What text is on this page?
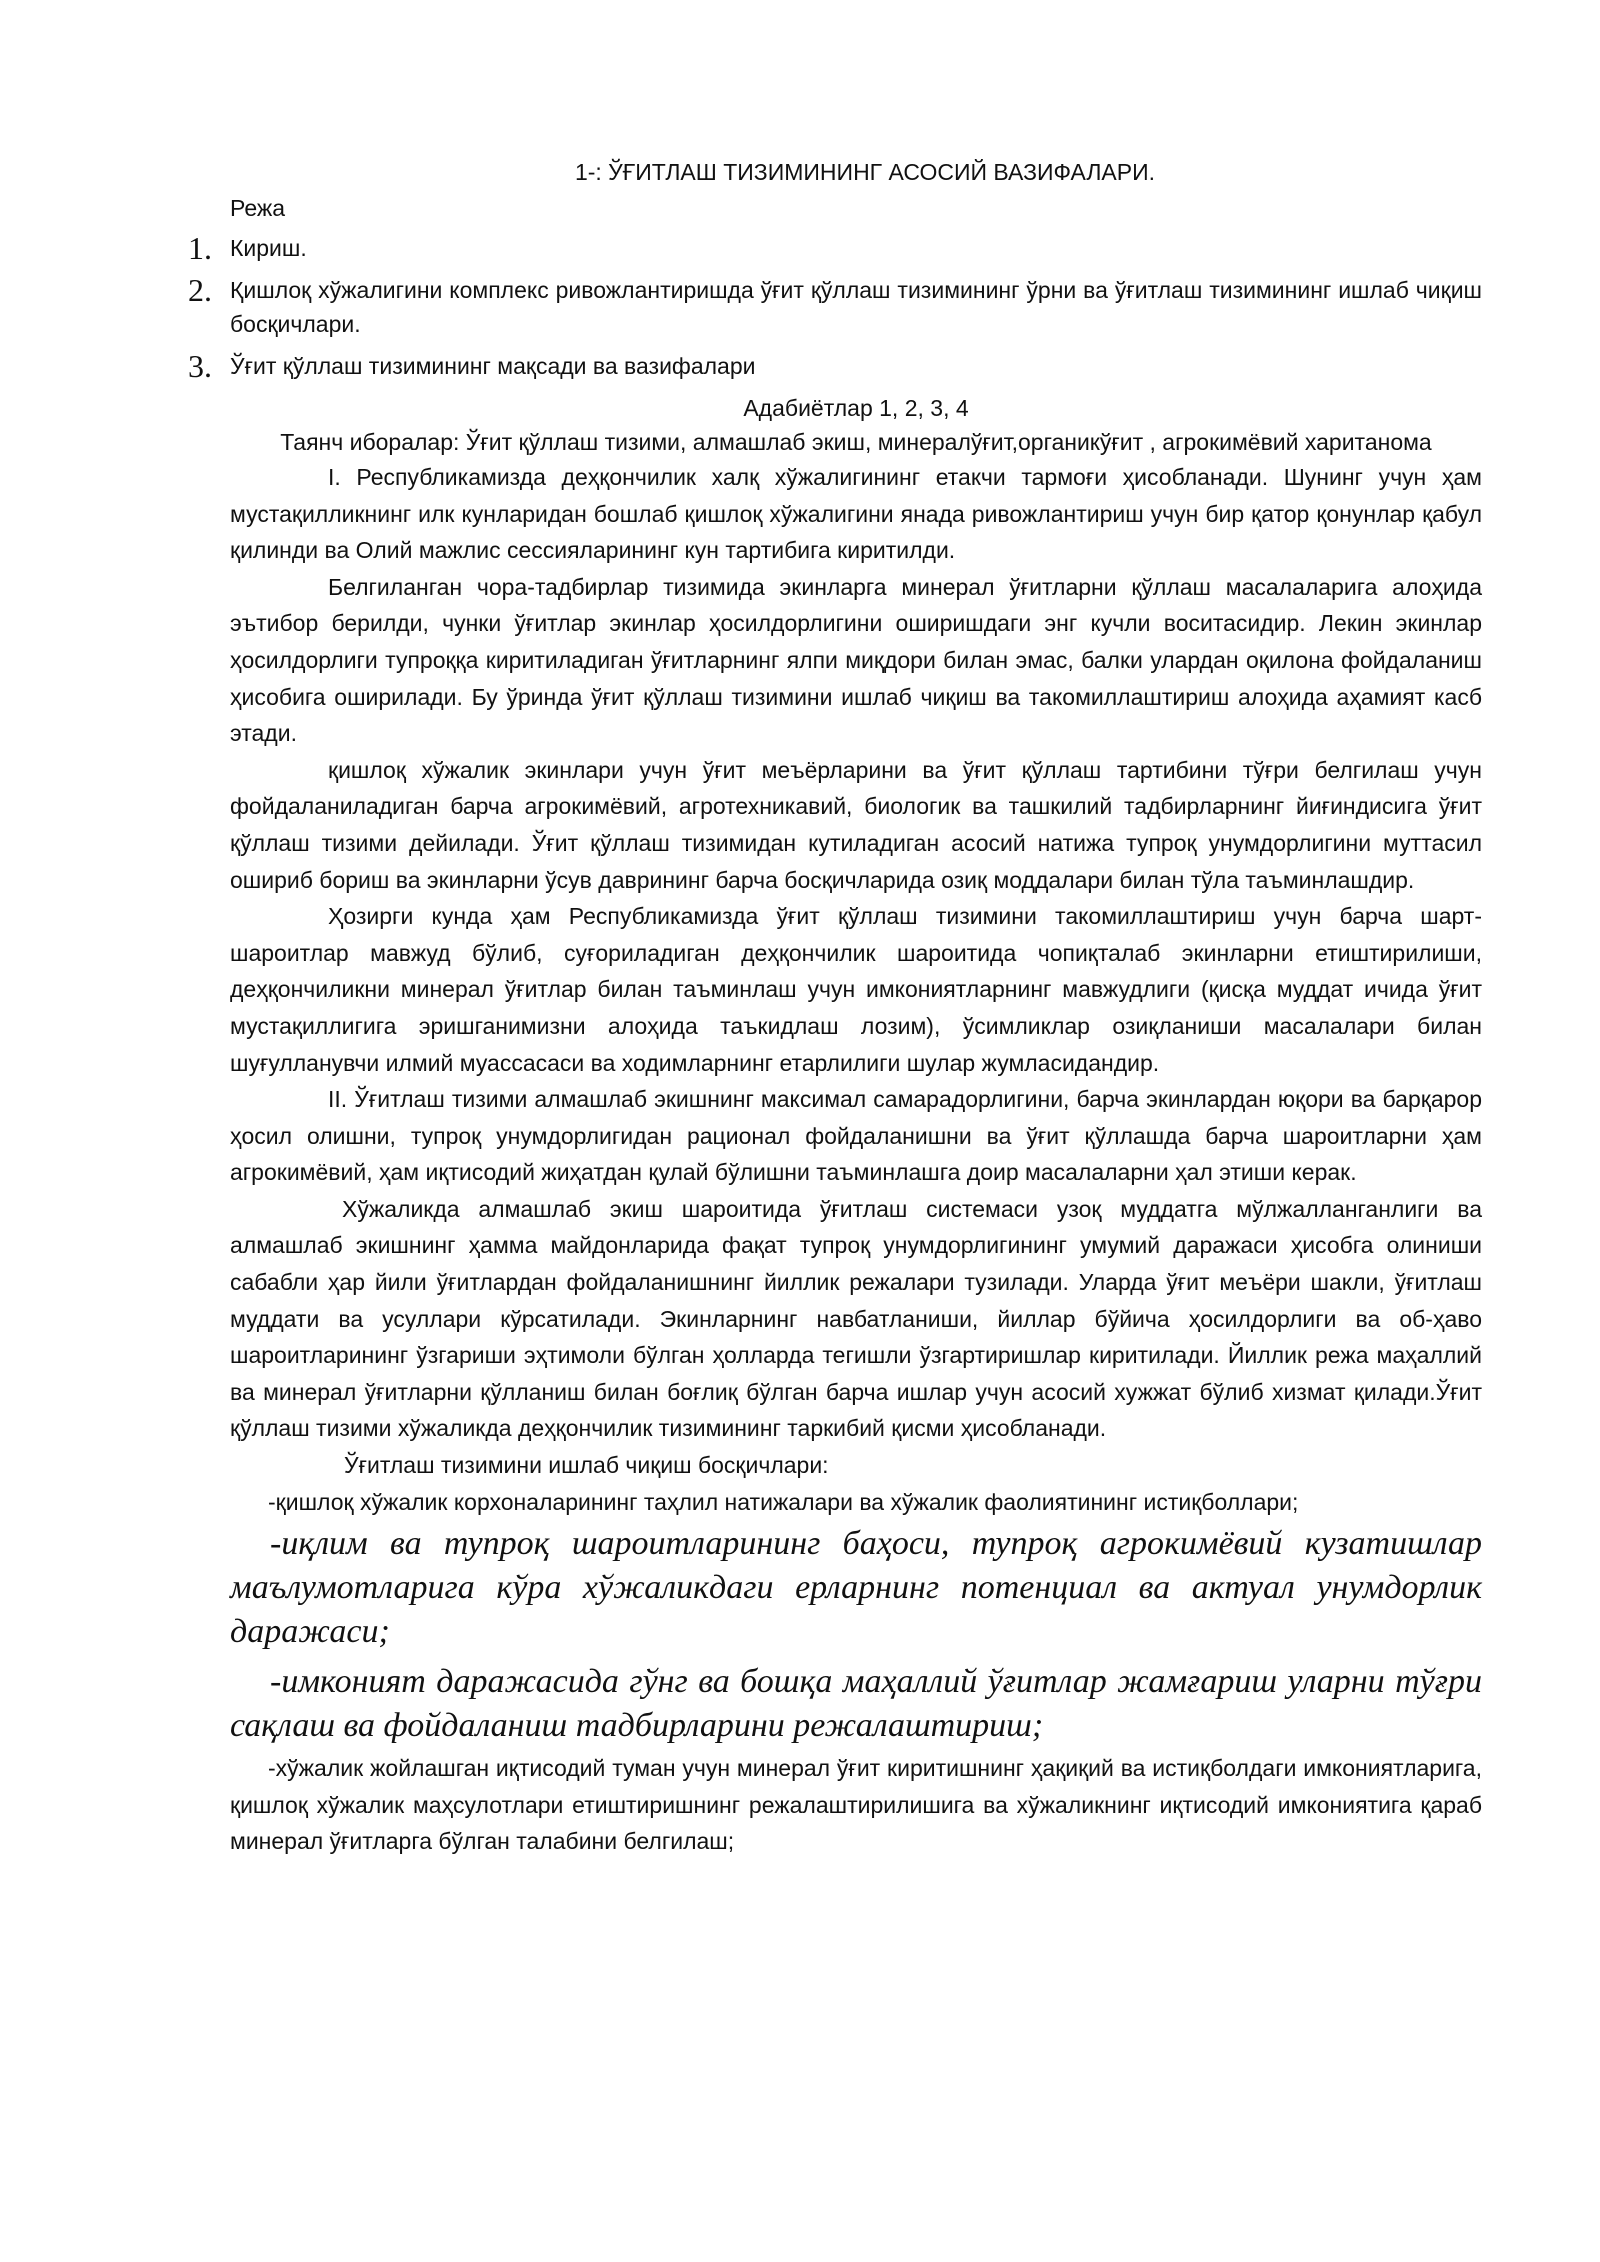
1-: ЎҒИТЛАШ ТИЗИМИНИНГ АСОСИЙ ВАЗИФАЛАРИ.
Режа
1. Кириш.
2. Қишлоқ хўжалигини комплекс ривожлантиришда ўғит қўллаш тизимининг ўрни ва ўғитлаш тизимининг ишлаб чиқиш босқичлари.
3. Ўғит қўллаш тизимининг мақсади ва вазифалари

Адабиётлар 1, 2, 3, 4

Таянч иборалар: Ўғит қўллаш тизими, алмашлаб экиш, минералўғит,органикўғит , агрокимёвий хаританома

I. Республикамизда деҳқончилик халқ хўжалигининг етакчи тармоғи ҳисобланади. Шунинг учун ҳам мустақилликнинг илк кунларидан бошлаб қишлоқ хўжалигини янада ривожлантириш учун бир қатор қонунлар қабул қилинди ва Олий мажлис сессияларининг кун тартибига киритилди.

Белгиланган чора-тадбирлар тизимида экинларга минерал ўғитларни қўллаш масалаларига алоҳида эътибор берилди, чунки ўғитлар экинлар ҳосилдорлигини оширишдаги энг кучли воситасидир. Лекин экинлар ҳосилдорлиги тупроққа киритиладиган ўғитларнинг ялпи миқдори билан эмас, балки улардан оқилона фойдаланиш ҳисобига оширилади. Бу ўринда ўғит қўллаш тизимини ишлаб чиқиш ва такомиллаштириш алоҳида аҳамият касб этади.

қишлоқ хўжалик экинлари учун ўғит меъёрларини ва ўғит қўллаш тартибини тўғри белгилаш учун фойдаланиладиган барча агрокимёвий, агротехникавий, биологик ва ташкилий тадбирларнинг йиғиндисига ўғит қўллаш тизими дейилади. Ўғит қўллаш тизимидан кутиладиган асосий натижа тупроқ унумдорлигини муттасил ошириб бориш ва экинларни ўсув даврининг барча босқичларида озиқ моддалари билан тўла таъминлашдир.

Ҳозирги кунда ҳам Республикамизда ўғит қўллаш тизимини такомиллаштириш учун барча шарт-шароитлар мавжуд бўлиб, суғориладиган деҳқончилик шароитида чопиқталаб экинларни етиштирилиши, деҳқончиликни минерал ўғитлар билан таъминлаш учун имкониятларнинг мавжудлиги (қисқа муддат ичида ўғит мустақиллигига эришганимизни алоҳида таъкидлаш лозим), ўсимликлар озиқланиши масалалари билан шуғулланувчи илмий муассасаси ва ходимларнинг етарлилиги шулар жумласидандир.

II. Ўғитлаш тизими алмашлаб экишнинг максимал самарадорлигини, барча экинлардан юқори ва барқарор ҳосил олишни, тупроқ унумдорлигидан рационал фойдаланишни ва ўғит қўллашда барча шароитларни ҳам агрокимёвий, ҳам иқтисодий жиҳатдан қулай бўлишни таъминлашга доир масалаларни ҳал этиши керак.

Хўжаликда алмашлаб экиш шароитида ўғитлаш системаси узоқ муддатга мўлжалланганлиги ва алмашлаб экишнинг ҳамма майдонларида фақат тупроқ унумдорлигининг умумий даражаси ҳисобга олиниши сабабли ҳар йили ўғитлардан фойдаланишнинг йиллик режалари тузилади. Уларда ўғит меъёри шакли, ўғитлаш муддати ва усуллари кўрсатилади. Экинларнинг навбатланиши, йиллар бўйича ҳосилдорлиги ва об-ҳаво шароитларининг ўзгариши эҳтимоли бўлган ҳолларда тегишли ўзгартиришлар киритилади. Йиллик режа маҳаллий ва минерал ўғитларни қўлланиш билан боғлиқ бўлган барча ишлар учун асосий хужжат бўлиб хизмат қилади.Ўғит қўллаш тизими хўжаликда деҳқончилик тизимининг таркибий қисми ҳисобланади.

Ўғитлаш тизимини ишлаб чиқиш босқичлари:

-қишлоқ хўжалик корхоналарининг таҳлил натижалари ва хўжалик фаолиятининг истиқболлари;

-иқлим ва тупроқ шароитларининг баҳоси, тупроқ агрокимёвий кузатишлар маълумотларига кўра хўжаликдаги ерларнинг потенциал ва актуал унумдорлик даражаси;

-имконият даражасида гўнг ва бошқа маҳаллий ўғитлар жамғариш уларни тўғри сақлаш ва фойдаланиш тадбирларини режалаштириш;

-хўжалик жойлашган иқтисодий туман учун минерал ўғит киритишнинг ҳақиқий ва истиқболдаги имкониятларига, қишлоқ хўжалик маҳсулотлари етиштиришнинг режалаштирилишига ва хўжаликнинг иқтисодий имкониятига қараб минерал ўғитларга бўлган талабини белгилаш;
